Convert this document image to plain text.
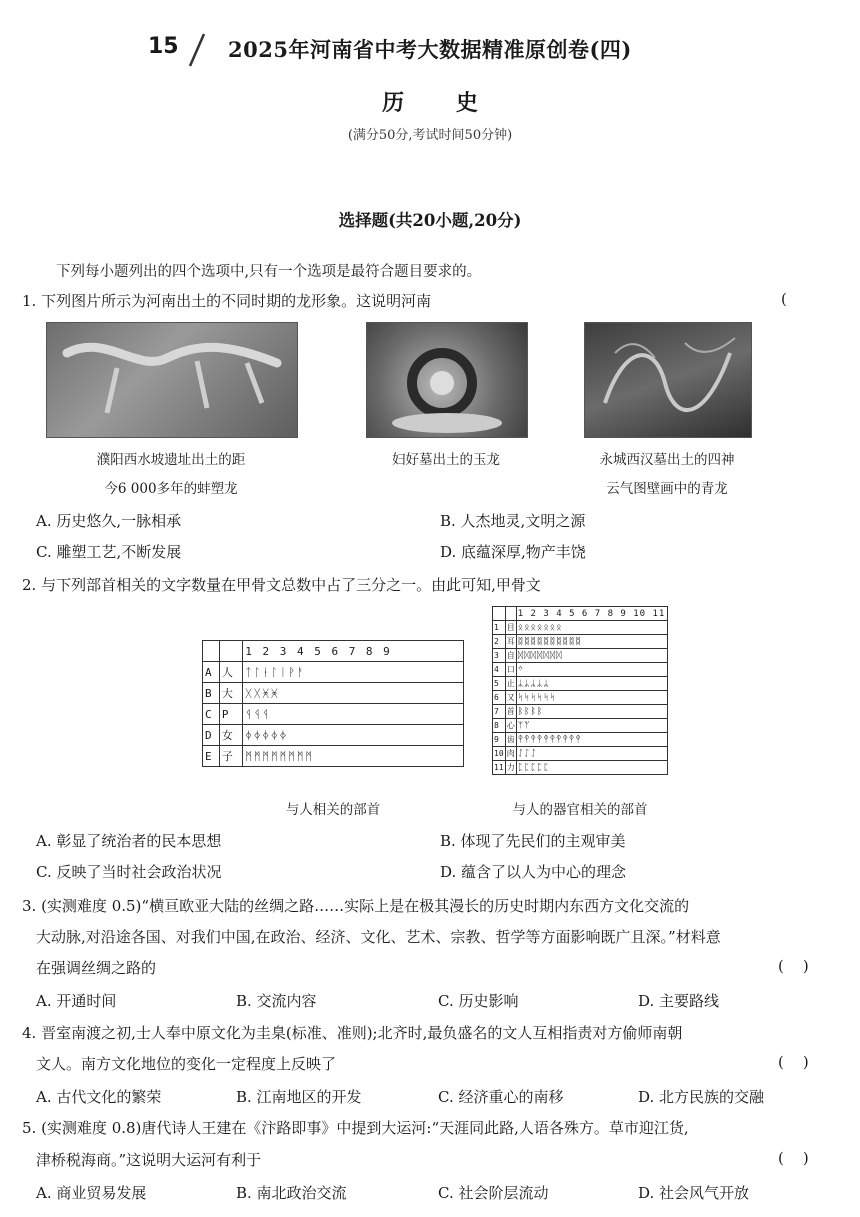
15 2025年河南省中考大数据精准原创卷(四)
历 史
(满分50分,考试时间50分钟)
选择题(共20小题,20分)
下列每小题列出的四个选项中,只有一个选项是最符合题目要求的。
1. 下列图片所示为河南出土的不同时期的龙形象。这说明河南	(
濮阳西水坡遗址出土的距
今6 000多年的蚌塑龙
妇好墓出土的玉龙	永城西汉墓出土的四神
云气图壁画中的青龙
A. 历史悠久,一脉相承	B. 人杰地灵,文明之源
C. 雕塑工艺,不断发展	D. 底蕴深厚,物产丰饶
2. 与下列部首相关的文字数量在甲骨文总数中占了三分之一。由此可知,甲骨文
		1 2 3 4 5 6 7 8 9
A	人	ᛏᛚᛂᛚᛁᚹᚨ
B	大	ᚷᚷᚸᚸ
C	P	ᛩᛩᛩ
D	女	ᛄᛄᛄᛄᛄ
E	子	ᛗᛗᛗᛗᛗᛗᛗᛗ
		1 2 3 4 5 6 7 8 9 10 11
1	目	ᛟᛟᛟᛟᛟᛟᛟ
2	耳	ᛥᛥᛥᛥᛥᛥᛥᛥᛥᛥ
3	自	ᛞᛞᛞᛞᛞᛞᛞ
4	口	ᛜ
5	止	ᛦᛦᛦᛦᛦ
6	又	ᛋᛋᛋᛋᛋᛋ
7	首	ᛒᛒᛒᛒ
8	心	ᛘᛘ
9	齿	ᛳᛳᛳᛳᛳᛳᛳᛳᛳᛳ
10	肉	ᛇᛇᛇ
11	力	ᛈᛈᛈᛈᛈ
与人相关的部首	与人的器官相关的部首
A. 彰显了统治者的民本思想	B. 体现了先民们的主观审美
C. 反映了当时社会政治状况	D. 蕴含了以人为中心的理念
3. (实测难度 0.5)“横亘欧亚大陆的丝绸之路……实际上是在极其漫长的历史时期内东西方文化交流的
大动脉,对沿途各国、对我们中国,在政治、经济、文化、艺术、宗教、哲学等方面影响既广且深。”材料意
在强调丝绸之路的	(    )
A. 开通时间	B. 交流内容	C. 历史影响	D. 主要路线
4. 晋室南渡之初,士人奉中原文化为圭臬(标准、准则);北齐时,最负盛名的文人互相指责对方偷师南朝
文人。南方文化地位的变化一定程度上反映了	(    )
A. 古代文化的繁荣	B. 江南地区的开发	C. 经济重心的南移	D. 北方民族的交融
5. (实测难度 0.8)唐代诗人王建在《汴路即事》中提到大运河:“天涯同此路,人语各殊方。草市迎江货,
津桥税海商。”这说明大运河有利于	(    )
A. 商业贸易发展	B. 南北政治交流	C. 社会阶层流动	D. 社会风气开放
